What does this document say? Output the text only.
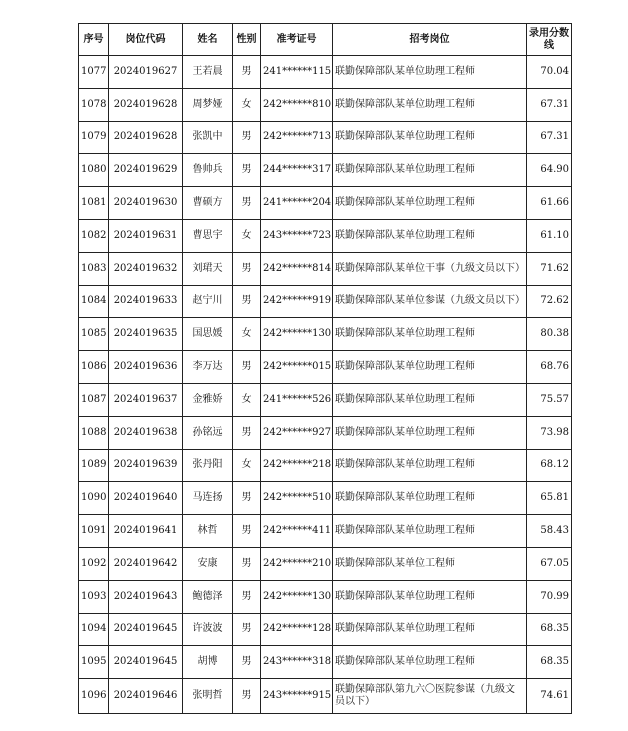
序号	岗位代码	姓名	性别	准考证号	招考岗位	录用分数线
1077	2024019627	王若晨	男	241******115	联勤保障部队某单位助理工程师	70.04
1078	2024019628	周梦娅	女	242******810	联勤保障部队某单位助理工程师	67.31
1079	2024019628	张凯中	男	242******713	联勤保障部队某单位助理工程师	67.31
1080	2024019629	鲁帅兵	男	244******317	联勤保障部队某单位助理工程师	64.90
1081	2024019630	曹硕方	男	241******204	联勤保障部队某单位助理工程师	61.66
1082	2024019631	曹思宇	女	243******723	联勤保障部队某单位助理工程师	61.10
1083	2024019632	刘珺天	男	242******814	联勤保障部队某单位干事（九级文员以下）	71.62
1084	2024019633	赵宁川	男	242******919	联勤保障部队某单位参谋（九级文员以下）	72.62
1085	2024019635	国思媛	女	242******130	联勤保障部队某单位助理工程师	80.38
1086	2024019636	李万达	男	242******015	联勤保障部队某单位助理工程师	68.76
1087	2024019637	金雅娇	女	241******526	联勤保障部队某单位助理工程师	75.57
1088	2024019638	孙铭远	男	242******927	联勤保障部队某单位助理工程师	73.98
1089	2024019639	张丹阳	女	242******218	联勤保障部队某单位助理工程师	68.12
1090	2024019640	马连扬	男	242******510	联勤保障部队某单位助理工程师	65.81
1091	2024019641	林哲	男	242******411	联勤保障部队某单位助理工程师	58.43
1092	2024019642	安康	男	242******210	联勤保障部队某单位工程师	67.05
1093	2024019643	鲍德泽	男	242******130	联勤保障部队某单位助理工程师	70.99
1094	2024019645	许波波	男	242******128	联勤保障部队某单位助理工程师	68.35
1095	2024019645	胡博	男	243******318	联勤保障部队某单位助理工程师	68.35
1096	2024019646	张明哲	男	243******915	联勤保障部队第九六〇医院参谋（九级文员以下）	74.61
